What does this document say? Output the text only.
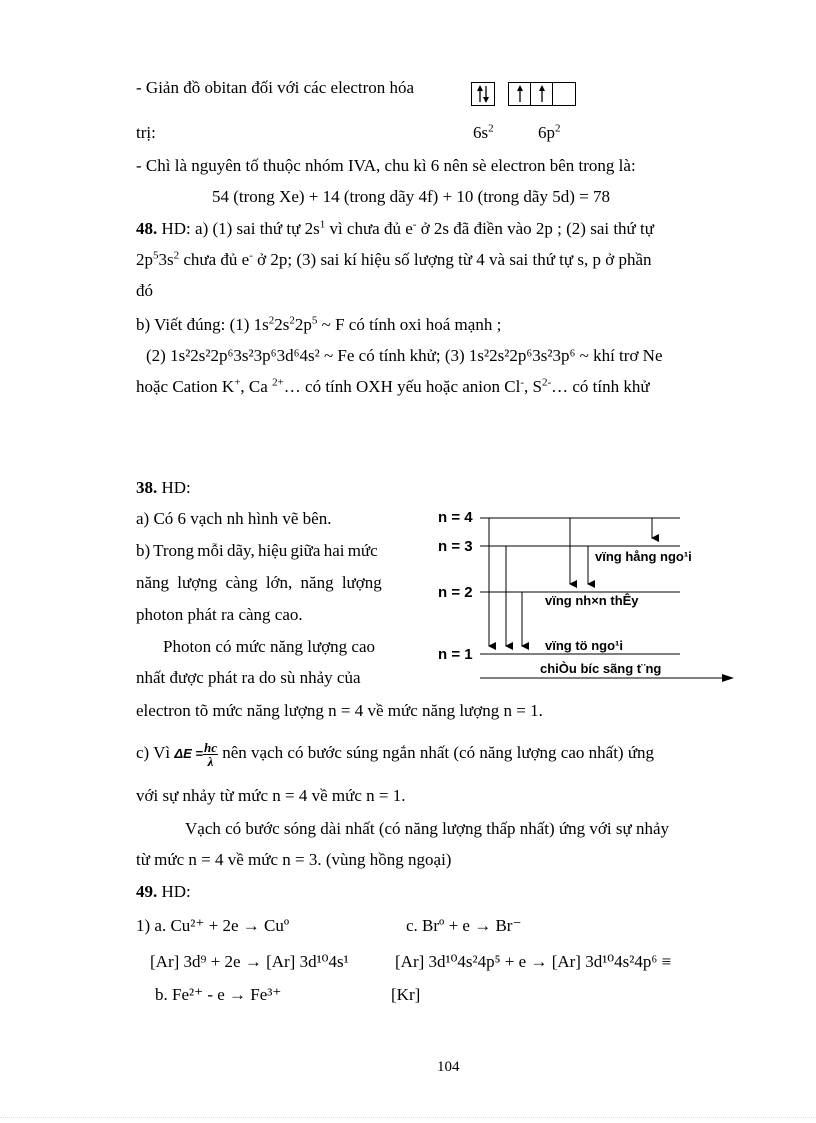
- Giản đồ obitan đối với các electron hóa
trị:	$6s^2$	$6p^2$
- Chì là nguyên tố thuộc nhóm IVA, chu kì 6 nên sè electron bên trong là:
54 (trong Xe) + 14 (trong dãy 4f) + 10 (trong dãy 5d) = 78
48. HD: a) (1) sai thứ tự $2s^1$ vì chưa đủ e- ở 2s đã điền vào 2p ; (2) sai thứ tự
$2p^53s^2$ chưa đủ e- ở 2p; (3) sai kí hiệu số lượng từ 4 và sai thứ tự s, p ở phần
đó
b) Viết đúng: (1) $1s^22s^22p^5$ ~ F có tính oxi hoá mạnh ;
(2) 1s²2s²2p⁶3s²3p⁶3d⁶4s² ~ Fe có tính khử; (3) 1s²2s²2p⁶3s²3p⁶ ~ khí trơ Ne
hoặc Cation K+, Ca $^{2+}$… có tính OXH yếu hoặc anion Cl-, $S^{2-}\dots$ có tính khử
38. HD:
a) Có 6 vạch nh hình vẽ bên.
b) Trong mỗi dãy, hiệu giữa hai mức
năng lượng càng lớn, năng lượng
photon phát ra càng cao.
Photon có mức năng lượng cao
nhất được phát ra do sù nhảy của
electron tõ mức năng lượng n = 4 về mức năng lượng n = 1.
n = 4
n = 3
n = 2
n = 1
vïng hång ngo¹i
vïng nh×n thÊy
vïng tö ngo¹i
chiÒu bíc sãng t¨ng
c) Vì $\Delta E = \frac{hc}{\lambda}$ nên vạch có bước súng ngắn nhất (có năng lượng cao nhất) ứng
với sự nhảy từ mức n = 4 về mức n = 1.
Vạch có bước sóng dài nhất (có năng lượng thấp nhất) ứng với sự nhảy
từ mức n = 4 về mức n = 3. (vùng hồng ngoại)
49. HD:
1) a. Cu²⁺ + 2e → Cuº	c. Brº + e → Br⁻
[Ar] 3d⁹ + 2e → [Ar] 3d¹⁰4s¹	[Ar] 3d¹⁰4s²4p⁵ + e → [Ar] 3d¹⁰4s²4p⁶ ≡
b. Fe²⁺ - e → Fe³⁺	[Kr]
104
